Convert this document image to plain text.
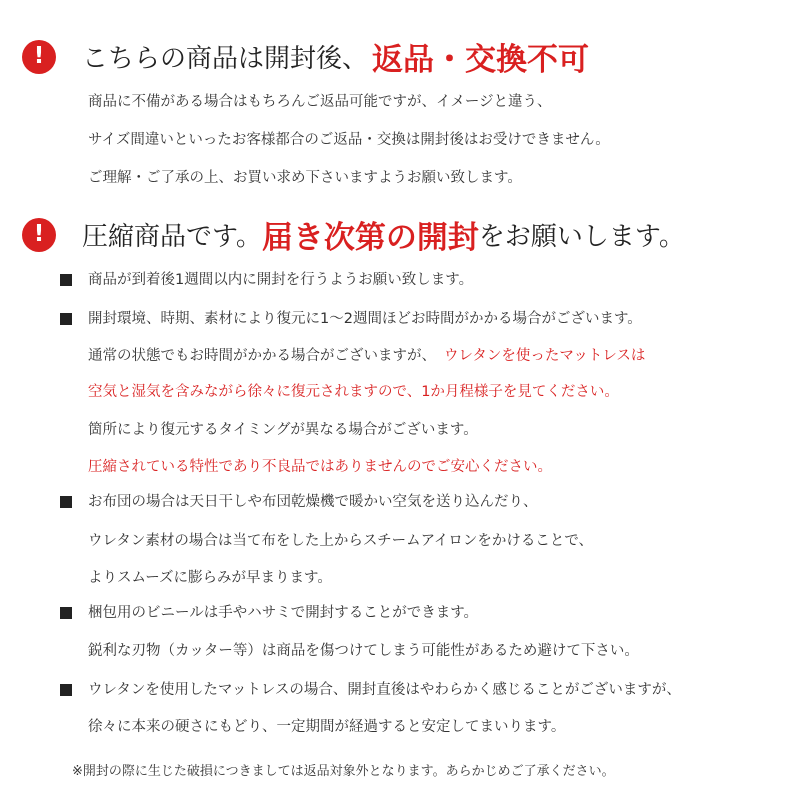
!	こちらの商品は開封後、 返品・交換不可
商品に不備がある場合はもちろんご返品可能ですが、イメージと違う、
サイズ間違いといったお客様都合のご返品・交換は開封後はお受けできません。
ご理解・ご了承の上、お買い求め下さいますようお願い致します。
!	圧縮商品です。 届き次第の開封 をお願いします。
商品が到着後1週間以内に開封を行うようお願い致します。
開封環境、時期、素材により復元に1〜2週間ほどお時間がかかる場合がございます。
通常の状態でもお時間がかかる場合がございますが、 ウレタンを使ったマットレスは
空気と湿気を含みながら徐々に復元されますので、1か月程様子を見てください。
箇所により復元するタイミングが異なる場合がございます。
圧縮されている特性であり不良品ではありませんのでご安心ください。
お布団の場合は天日干しや布団乾燥機で暖かい空気を送り込んだり、
ウレタン素材の場合は当て布をした上からスチームアイロンをかけることで、
よりスムーズに膨らみが早まります。
梱包用のビニールは手やハサミで開封することができます。
鋭利な刃物（カッター等）は商品を傷つけてしまう可能性があるため避けて下さい。
ウレタンを使用したマットレスの場合、開封直後はやわらかく感じることがございますが、
徐々に本来の硬さにもどり、一定期間が経過すると安定してまいります。
※開封の際に生じた破損につきましては返品対象外となります。あらかじめご了承ください。
